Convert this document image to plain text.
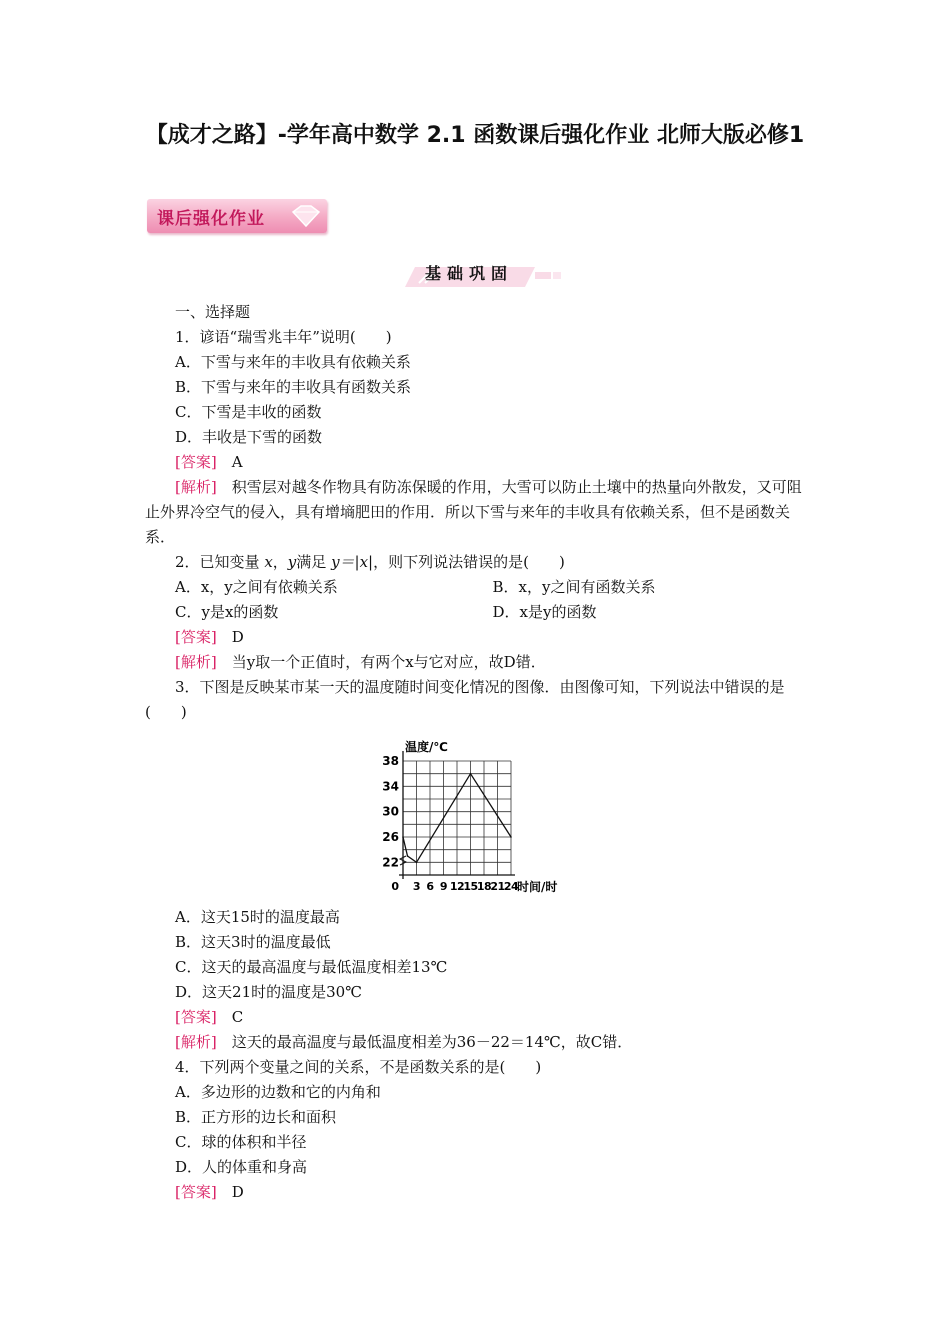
【成才之路】-学年高中数学 2.1 函数课后强化作业 北师大版必修1
课后强化作业
基础巩固

一、选择题

1．谚语“瑞雪兆丰年”说明(　　)

A．下雪与来年的丰收具有依赖关系

B．下雪与来年的丰收具有函数关系

C．下雪是丰收的函数

D．丰收是下雪的函数

[答案]　 A

[解析]　 积雪层对越冬作物具有防冻保暖的作用，大雪可以防止土壤中的热量向外散发，又可阻止外界冷空气的侵入，具有增墒肥田的作用．所以下雪与来年的丰收具有依赖关系，但不是函数关系．

2．已知变量 x，y满足 y＝|x|，则下列说法错误的是(　　)

A．x，y之间有依赖关系	B．x，y之间有函数关系
C．y是x的函数	D．x是y的函数

[答案]　 D

[解析]　 当y取一个正值时，有两个x与它对应，故D错．

3．下图是反映某市某一天的温度随时间变化情况的图像．由图像可知，下列说法中错误的是(　　)

22
26
30
34
38
0 3 6 9 12 15 18 21 24
温度/℃
时间/时

A．这天15时的温度最高

B．这天3时的温度最低

C．这天的最高温度与最低温度相差13℃

D．这天21时的温度是30℃

[答案]　 C

[解析]　 这天的最高温度与最低温度相差为36－22＝14℃，故C错．

4．下列两个变量之间的关系，不是函数关系的是(　　)

A．多边形的边数和它的内角和

B．正方形的边长和面积

C．球的体积和半径

D．人的体重和身高

[答案]　 D
